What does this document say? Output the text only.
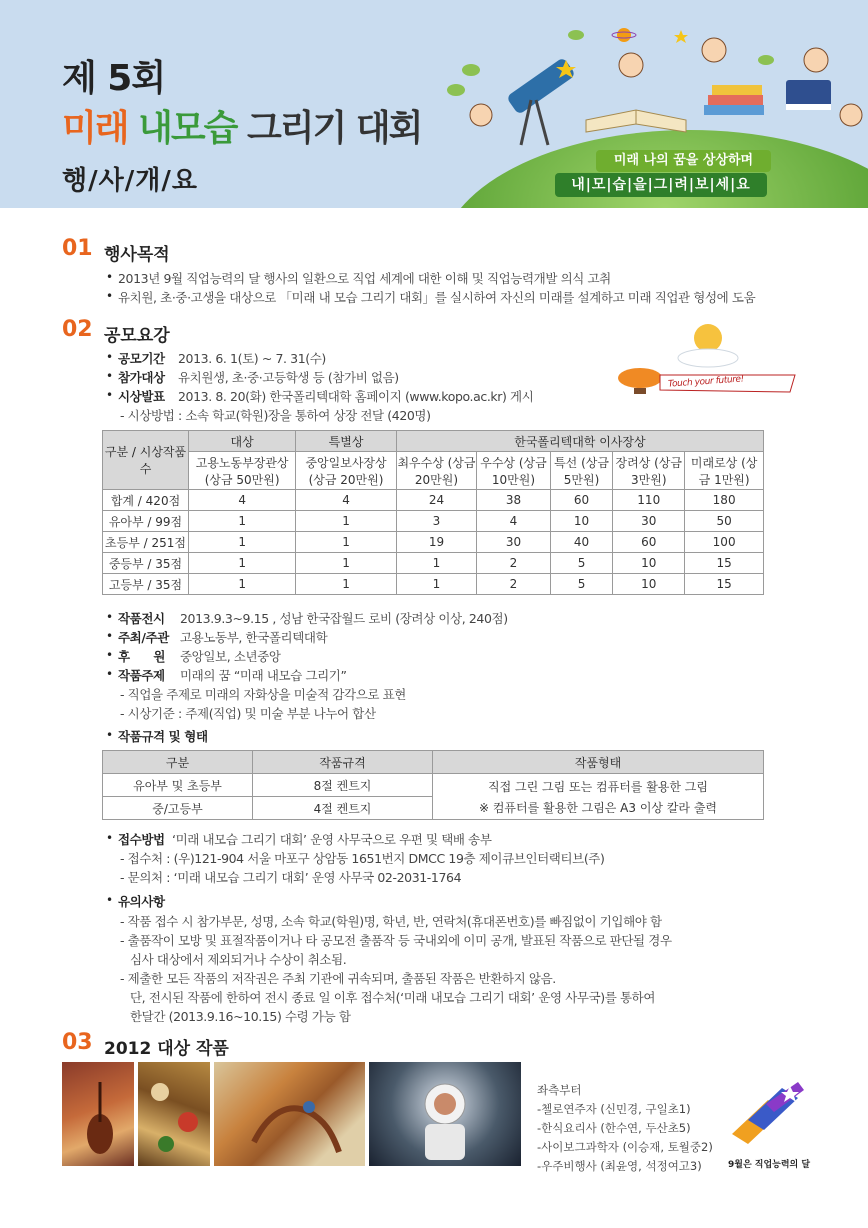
제 5회
미래 내모습 그리기 대회
행/사/개/요
미래 나의 꿈을 상상하며
내|모|습|을|그|려|보|세|요
01 행사목적
• 2013년 9월 직업능력의 달 행사의 일환으로 직업 세계에 대한 이해 및 직업능력개발 의식 고취
• 유치원, 초·중·고생을 대상으로 「미래 내 모습 그리기 대회」를 실시하여 자신의 미래를 설계하고 미래 직업관 형성에 도움
02 공모요강
• 공모기간 2013. 6. 1(토) ~ 7. 31(수)
• 참가대상 유치원생, 초·중·고등학생 등 (참가비 없음)
• 시상발표 2013. 8. 20(화) 한국폴리텍대학 홈페이지 (www.kopo.ac.kr) 게시
- 시상방법 : 소속 학교(학원)장을 통하여 상장 전달 (420명)
Touch your future!
구분 / 시상작품 수	대상	특별상	한국폴리텍대학 이사장상				
	고용노동부장관상 (상금 50만원)	중앙일보사장상 (상금 20만원)	최우수상 (상금 20만원)	우수상 (상금 10만원)	특선 (상금 5만원)	장려상 (상금 3만원)	미래로상 (상금 1만원)
합계 / 420점	4	4	24	38	60	110	180
유아부 / 99점	1	1	3	4	10	30	50
초등부 / 251점	1	1	19	30	40	60	100
중등부 / 35점	1	1	1	2	5	10	15
고등부 / 35점	1	1	1	2	5	10	15
• 작품전시 2013.9.3~9.15 , 성남 한국잡월드 로비 (장려상 이상, 240점)
• 주최/주관 고용노동부, 한국폴리텍대학
• 후      원 중앙일보, 소년중앙
• 작품주제 미래의 꿈 “미래 내모습 그리기”
- 직업을 주제로 미래의 자화상을 미술적 감각으로 표현
- 시상기준 : 주제(직업) 및 미술 부분 나누어 합산
• 작품규격 및 형태
구분	작품규격	작품형태
유아부 및 초등부	8절 켄트지	직접 그린 그림 또는 컴퓨터를 활용한 그림
※ 컴퓨터를 활용한 그림은 A3 이상 칼라 출력

중/고등부	4절 켄트지	
• 접수방법 ‘미래 내모습 그리기 대회’ 운영 사무국으로 우편 및 택배 송부
- 접수처 : (우)121-904 서울 마포구 상암동 1651번지 DMCC 19층 제이큐브인터랙티브(주)
- 문의처 : ‘미래 내모습 그리기 대회’ 운영 사무국 02-2031-1764
• 유의사항
- 작품 접수 시 참가부문, 성명, 소속 학교(학원)명, 학년, 반, 연락처(휴대폰번호)를 빠짐없이 기입해야 함
- 출품작이 모방 및 표절작품이거나 타 공모전 출품작 등 국내외에 이미 공개, 발표된 작품으로 판단될 경우
심사 대상에서 제외되거나 수상이 취소됨.
- 제출한 모든 작품의 저작권은 주최 기관에 귀속되며, 출품된 작품은 반환하지 않음.
단, 전시된 작품에 한하여 전시 종료 일 이후 접수처(‘미래 내모습 그리기 대회’ 운영 사무국)를 통하여
한달간 (2013.9.16~10.15) 수령 가능 함
03 2012 대상 작품
좌측부터
-첼로연주자 (신민경, 구일초1)
-한식요리사 (한수연, 두산초5)
-사이보그과학자 (이승재, 토월중2)
-우주비행사 (최윤영, 석정여고3)	9월은 직업능력의 달
